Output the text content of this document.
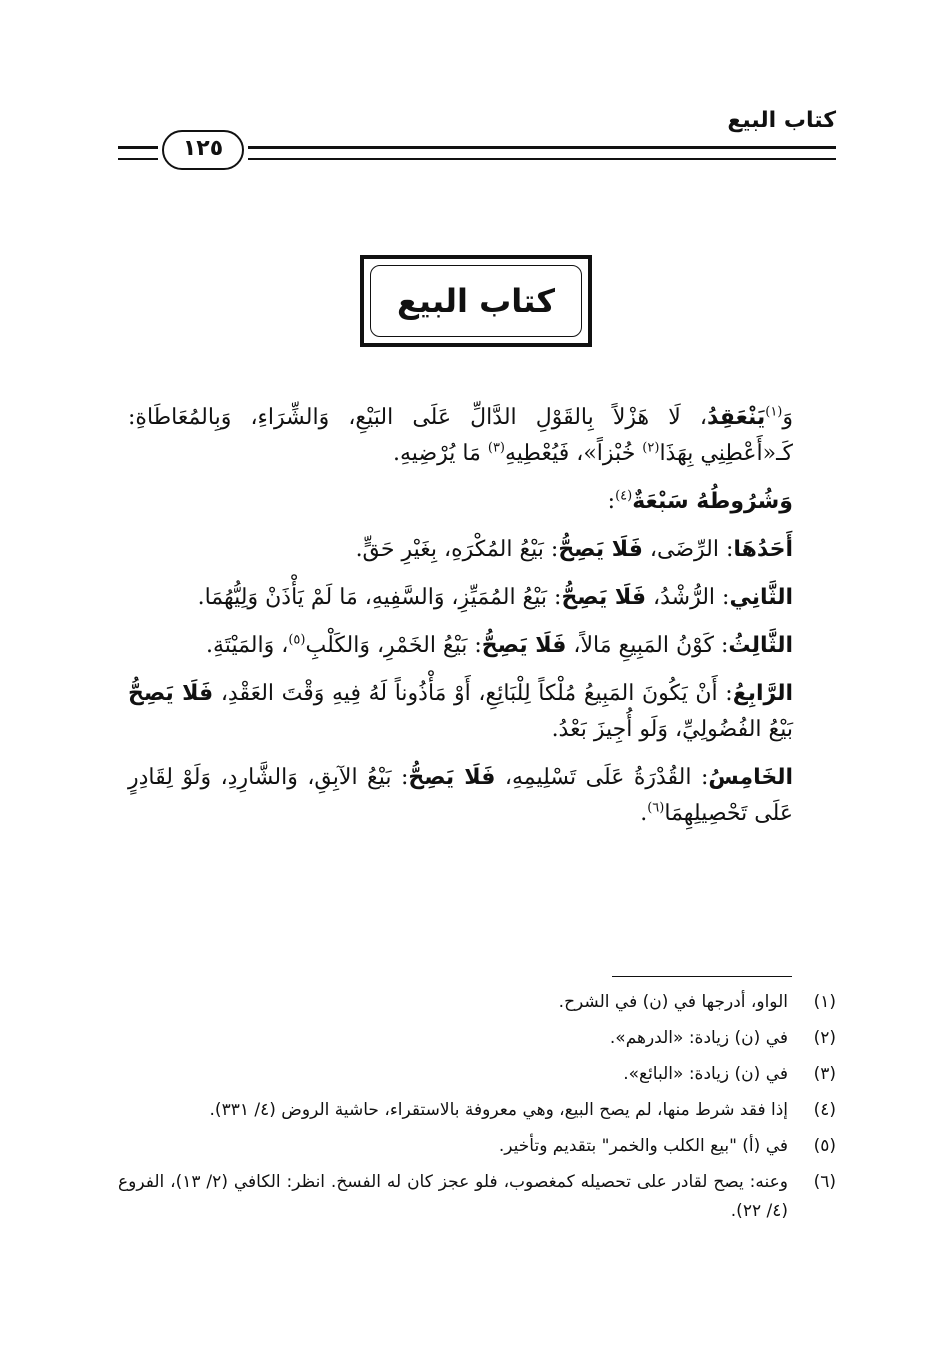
كتاب البيع
١٢٥
كتاب البيع

وَ$^{(١)}$يَنْعَقِدُ، لَا هَزْلاً بِالقَوْلِ الدَّالِّ عَلَى البَيْعِ، وَالشِّرَاءِ، وَبِالمُعَاطَاةِ: كَـ«أَعْطِنِي بِهَذَا$^{(٢)}$ خُبْزاً»، فَيُعْطِيهِ$^{(٣)}$ مَا يُرْضِيهِ.

وَشُرُوطُهُ سَبْعَةٌ$^{(٤)}$:

أَحَدُهَا: الرِّضَى، فَلَا يَصِحُّ: بَيْعُ المُكْرَهِ، بِغَيْرِ حَقٍّ.

الثَّانِي: الرُّشْدُ، فَلَا يَصِحُّ: بَيْعُ المُمَيِّزِ، وَالسَّفِيهِ، مَا لَمْ يَأْذَنْ وَلِيُّهُمَا.

الثَّالِثُ: كَوْنُ المَبِيعِ مَالاً، فَلَا يَصِحُّ: بَيْعُ الخَمْرِ، وَالكَلْبِ$^{(٥)}$، وَالمَيْتَةِ.

الرَّابِعُ: أَنْ يَكُونَ المَبِيعُ مُلْكاً لِلْبَائِعِ، أَوْ مَأْذُوناً لَهُ فِيهِ وَقْتَ العَقْدِ، فَلَا يَصِحُّ بَيْعُ الفُضُولِيِّ، وَلَو أُجِيزَ بَعْدُ.

الخَامِسُ: القُدْرَةُ عَلَى تَسْلِيمِهِ، فَلَا يَصِحُّ: بَيْعُ الآبِقِ، وَالشَّارِدِ، وَلَوْ لِقَادِرٍ عَلَى تَحْصِيلِهِمَا$^{(٦)}$.

(١)
الواو، أدرجها في (ن) في الشرح.
(٢)
في (ن) زيادة: «الدرهم».
(٣)
في (ن) زيادة: «البائع».
(٤)
إذا فقد شرط منها، لم يصح البيع، وهي معروفة بالاستقراء، حاشية الروض (٤/ ٣٣١).
(٥)
في (أ) "بيع الكلب والخمر" بتقديم وتأخير.
(٦)
وعنه: يصح لقادر على تحصيله كمغصوب، فلو عجز كان له الفسخ. انظر: الكافي (٢/ ١٣)، الفروع (٤/ ٢٢).
